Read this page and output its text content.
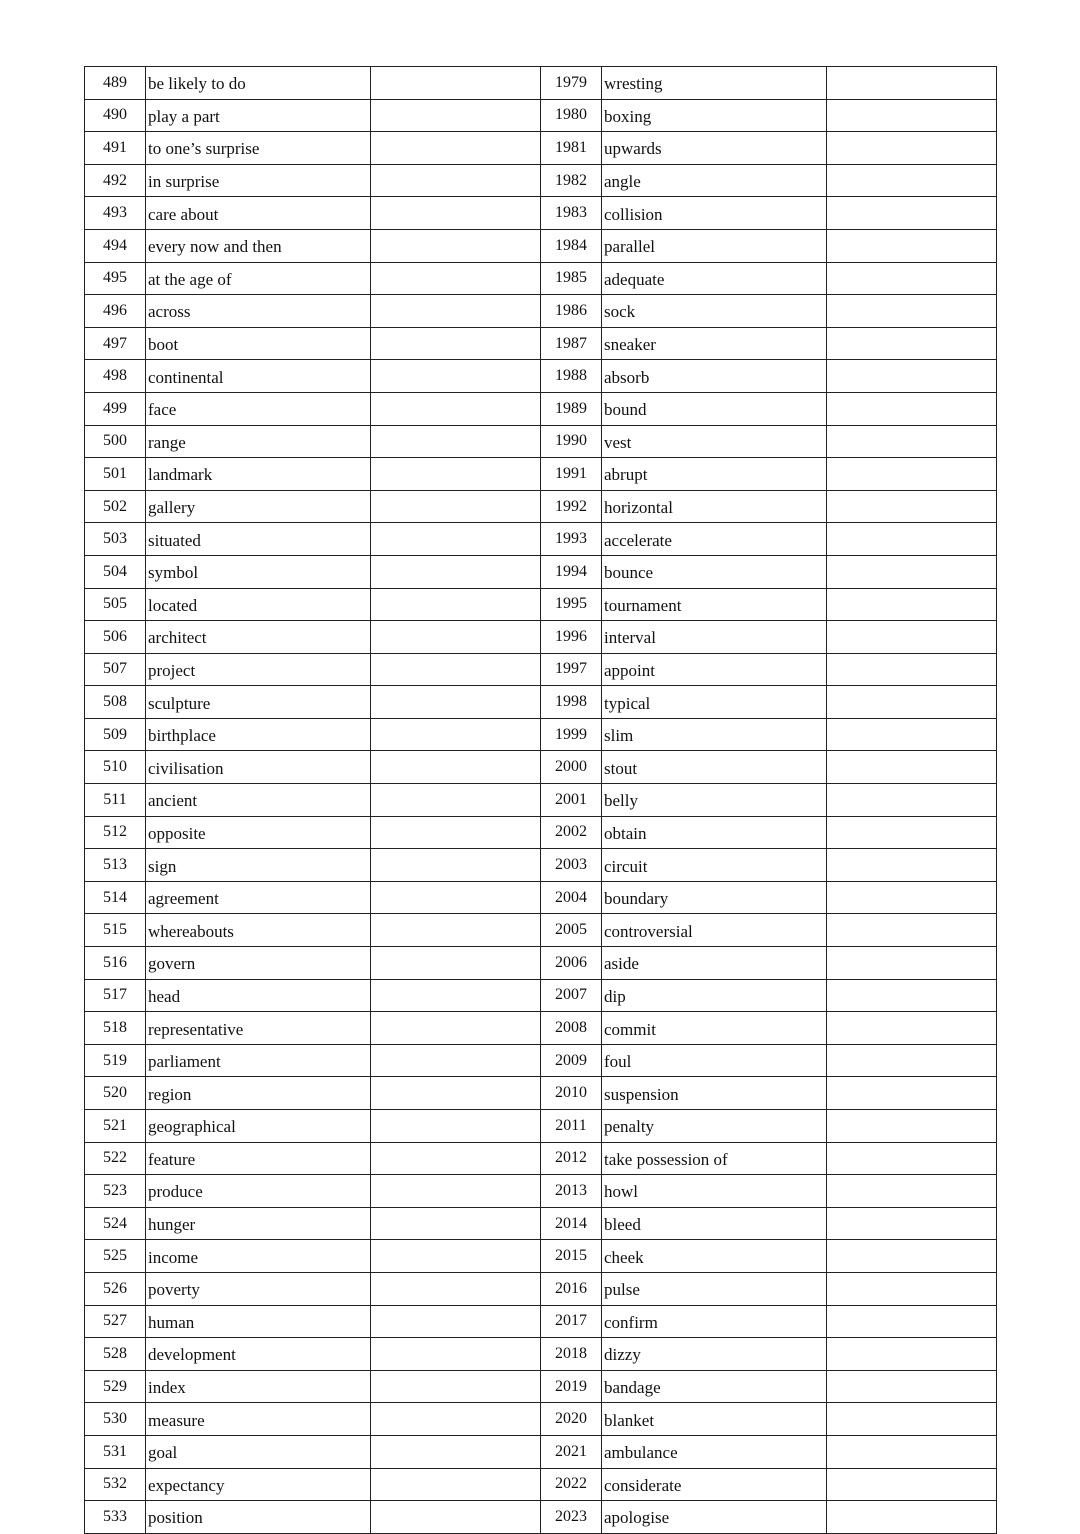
489	be likely to do		1979	wresting	
490	play a part		1980	boxing	
491	to one’s surprise		1981	upwards	
492	in surprise		1982	angle	
493	care about		1983	collision	
494	every now and then		1984	parallel	
495	at the age of		1985	adequate	
496	across		1986	sock	
497	boot		1987	sneaker	
498	continental		1988	absorb	
499	face		1989	bound	
500	range		1990	vest	
501	landmark		1991	abrupt	
502	gallery		1992	horizontal	
503	situated		1993	accelerate	
504	symbol		1994	bounce	
505	located		1995	tournament	
506	architect		1996	interval	
507	project		1997	appoint	
508	sculpture		1998	typical	
509	birthplace		1999	slim	
510	civilisation		2000	stout	
511	ancient		2001	belly	
512	opposite		2002	obtain	
513	sign		2003	circuit	
514	agreement		2004	boundary	
515	whereabouts		2005	controversial	
516	govern		2006	aside	
517	head		2007	dip	
518	representative		2008	commit	
519	parliament		2009	foul	
520	region		2010	suspension	
521	geographical		2011	penalty	
522	feature		2012	take possession of	
523	produce		2013	howl	
524	hunger		2014	bleed	
525	income		2015	cheek	
526	poverty		2016	pulse	
527	human		2017	confirm	
528	development		2018	dizzy	
529	index		2019	bandage	
530	measure		2020	blanket	
531	goal		2021	ambulance	
532	expectancy		2022	considerate	
533	position		2023	apologise	
